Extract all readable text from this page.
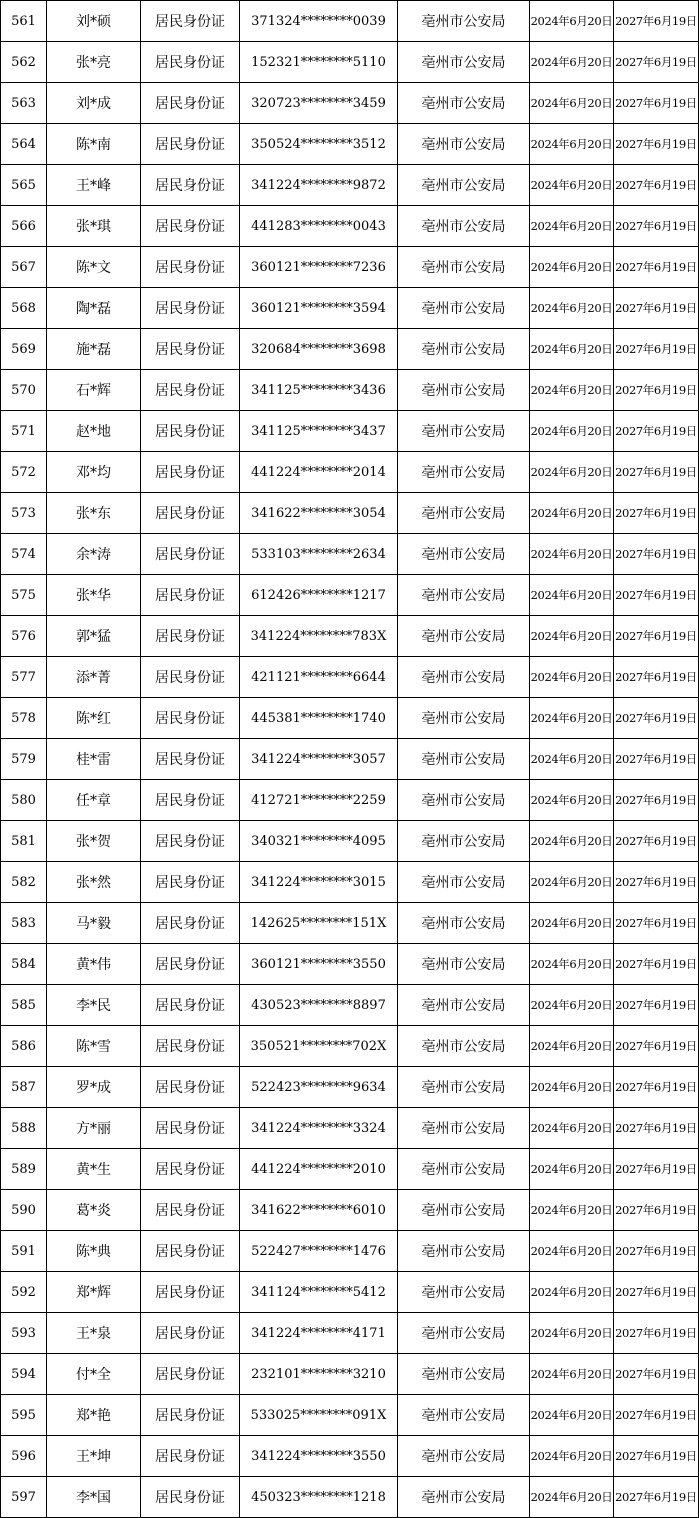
561	刘*硕	居民身份证	371324********0039	亳州市公安局	2024年6月20日	2027年6月19日
562	张*亮	居民身份证	152321********5110	亳州市公安局	2024年6月20日	2027年6月19日
563	刘*成	居民身份证	320723********3459	亳州市公安局	2024年6月20日	2027年6月19日
564	陈*南	居民身份证	350524********3512	亳州市公安局	2024年6月20日	2027年6月19日
565	王*峰	居民身份证	341224********9872	亳州市公安局	2024年6月20日	2027年6月19日
566	张*琪	居民身份证	441283********0043	亳州市公安局	2024年6月20日	2027年6月19日
567	陈*文	居民身份证	360121********7236	亳州市公安局	2024年6月20日	2027年6月19日
568	陶*磊	居民身份证	360121********3594	亳州市公安局	2024年6月20日	2027年6月19日
569	施*磊	居民身份证	320684********3698	亳州市公安局	2024年6月20日	2027年6月19日
570	石*辉	居民身份证	341125********3436	亳州市公安局	2024年6月20日	2027年6月19日
571	赵*地	居民身份证	341125********3437	亳州市公安局	2024年6月20日	2027年6月19日
572	邓*均	居民身份证	441224********2014	亳州市公安局	2024年6月20日	2027年6月19日
573	张*东	居民身份证	341622********3054	亳州市公安局	2024年6月20日	2027年6月19日
574	余*涛	居民身份证	533103********2634	亳州市公安局	2024年6月20日	2027年6月19日
575	张*华	居民身份证	612426********1217	亳州市公安局	2024年6月20日	2027年6月19日
576	郭*猛	居民身份证	341224********783X	亳州市公安局	2024年6月20日	2027年6月19日
577	添*菁	居民身份证	421121********6644	亳州市公安局	2024年6月20日	2027年6月19日
578	陈*红	居民身份证	445381********1740	亳州市公安局	2024年6月20日	2027年6月19日
579	桂*雷	居民身份证	341224********3057	亳州市公安局	2024年6月20日	2027年6月19日
580	任*章	居民身份证	412721********2259	亳州市公安局	2024年6月20日	2027年6月19日
581	张*贺	居民身份证	340321********4095	亳州市公安局	2024年6月20日	2027年6月19日
582	张*然	居民身份证	341224********3015	亳州市公安局	2024年6月20日	2027年6月19日
583	马*毅	居民身份证	142625********151X	亳州市公安局	2024年6月20日	2027年6月19日
584	黄*伟	居民身份证	360121********3550	亳州市公安局	2024年6月20日	2027年6月19日
585	李*民	居民身份证	430523********8897	亳州市公安局	2024年6月20日	2027年6月19日
586	陈*雪	居民身份证	350521********702X	亳州市公安局	2024年6月20日	2027年6月19日
587	罗*成	居民身份证	522423********9634	亳州市公安局	2024年6月20日	2027年6月19日
588	方*丽	居民身份证	341224********3324	亳州市公安局	2024年6月20日	2027年6月19日
589	黄*生	居民身份证	441224********2010	亳州市公安局	2024年6月20日	2027年6月19日
590	葛*炎	居民身份证	341622********6010	亳州市公安局	2024年6月20日	2027年6月19日
591	陈*典	居民身份证	522427********1476	亳州市公安局	2024年6月20日	2027年6月19日
592	郑*辉	居民身份证	341124********5412	亳州市公安局	2024年6月20日	2027年6月19日
593	王*泉	居民身份证	341224********4171	亳州市公安局	2024年6月20日	2027年6月19日
594	付*全	居民身份证	232101********3210	亳州市公安局	2024年6月20日	2027年6月19日
595	郑*艳	居民身份证	533025********091X	亳州市公安局	2024年6月20日	2027年6月19日
596	王*坤	居民身份证	341224********3550	亳州市公安局	2024年6月20日	2027年6月19日
597	李*国	居民身份证	450323********1218	亳州市公安局	2024年6月20日	2027年6月19日
